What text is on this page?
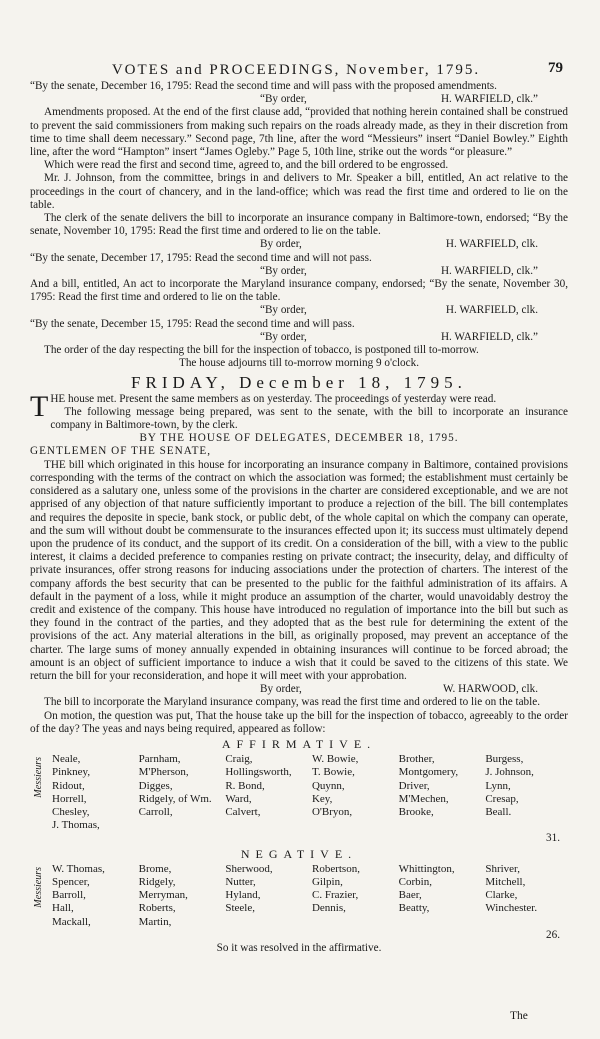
VOTES and PROCEEDINGS, November, 1795.	79

“By the senate, December 16, 1795: Read the second time and will pass with the proposed amendments.

“By order,	H. WARFIELD, clk.”

Amendments proposed. At the end of the first clause add, “provided that nothing herein contained shall be construed to prevent the said commissioners from making such repairs on the roads already made, as they in their discretion from time to time shall deem necessary.” Second page, 7th line, after the word “Messieurs” insert “Daniel Bowley.” Eighth line, after the word “Hampton” insert “James Ogleby.” Page 5, 10th line, strike out the words “or pleasure.”

Which were read the first and second time, agreed to, and the bill ordered to be engrossed.

Mr. J. Johnson, from the committee, brings in and delivers to Mr. Speaker a bill, entitled, An act relative to the proceedings in the court of chancery, and in the land-office; which was read the first time and ordered to lie on the table.

The clerk of the senate delivers the bill to incorporate an insurance company in Baltimore-town, endorsed; “By the senate, November 10, 1795: Read the first time and ordered to lie on the table.

By order,	H. WARFIELD, clk.

“By the senate, December 17, 1795: Read the second time and will not pass.

“By order,	H. WARFIELD, clk.”

And a bill, entitled, An act to incorporate the Maryland insurance company, endorsed; “By the senate, November 30, 1795: Read the first time and ordered to lie on the table.

“By order,	H. WARFIELD, clk.

“By the senate, December 15, 1795: Read the second time and will pass.

“By order,	H. WARFIELD, clk.”

The order of the day respecting the bill for the inspection of tobacco, is postponed till to-morrow.

The house adjourns till to-morrow morning 9 o'clock.

FRIDAY, December 18, 1795.

THE house met. Present the same members as on yesterday. The proceedings of yesterday were read.

The following message being prepared, was sent to the senate, with the bill to incorporate an insurance company in Baltimore-town, by the clerk.

BY THE HOUSE OF DELEGATES, DECEMBER 18, 1795.

GENTLEMEN OF THE SENATE,

THE bill which originated in this house for incorporating an insurance company in Baltimore, contained provisions corresponding with the terms of the contract on which the association was formed; the establishment must certainly be considered as a salutary one, unless some of the provisions in the charter are considered exceptionable, and we are not apprised of any objection of that nature sufficiently important to produce a rejection of the bill. The bill contemplates and requires the deposite in specie, bank stock, or public debt, of the whole capital on which the company can operate, and the sum will without doubt be commensurate to the insurances effected upon it; its success must ultimately depend upon the prudence of its conduct, and the support of its credit. On a consideration of the bill, with a view to the public interest, it claims a decided preference to companies resting on private contract; the insecurity, delay, and difficulty of private insurances, offer strong reasons for inducing associations under the protection of charters. The interest of the company affords the best security that can be presented to the public for the faithful administration of its affairs. A default in the payment of a loss, while it might produce an assumption of the charter, would unavoidably destroy the credit and existence of the company. This house have introduced no regulation of importance into the bill but such as they found in the contract of the parties, and they adopted that as the best rule for determining the extent of the provisions of the act. Any material alterations in the bill, as originally proposed, may prevent an acceptance of the charter. The large sums of money annually expended in obtaining insurances will continue to be forced abroad; the amount is an object of sufficient importance to induce a wish that it could be saved to the citizens of this state. We return the bill for your reconsideration, and hope it will meet with your approbation.

By order,	W. HARWOOD, clk.

The bill to incorporate the Maryland insurance company, was read the first time and ordered to lie on the table.

On motion, the question was put, That the house take up the bill for the inspection of tobacco, agreeably to the order of the day? The yeas and nays being required, appeared as follow:

AFFIRMATIVE.
Messieurs Neale,	Parnham,	Craig,	W. Bowie,	Brother,	Burgess,
Pinkney,	M'Pherson,	Hollingsworth,	T. Bowie,	Montgomery,	J. Johnson,
Ridout,	Digges,	R. Bond,	Quynn,	Driver,	Lynn,
Horrell,	Ridgely, of Wm.	Ward,	Key,	M'Mechen,	Cresap,
Chesley,	Carroll,	Calvert,	O'Bryon,	Brooke,	Beall.
J. Thomas,
31.
NEGATIVE.
Messieurs W. Thomas,	Brome,	Sherwood,	Robertson,	Whittington,	Shriver,
Spencer,	Ridgely,	Nutter,	Gilpin,	Corbin,	Mitchell,
Barroll,	Merryman,	Hyland,	C. Frazier,	Baer,	Clarke,
Hall,	Roberts,	Steele,	Dennis,	Beatty,	Winchester.
Mackall,	Martin,
26.

So it was resolved in the affirmative.

The
